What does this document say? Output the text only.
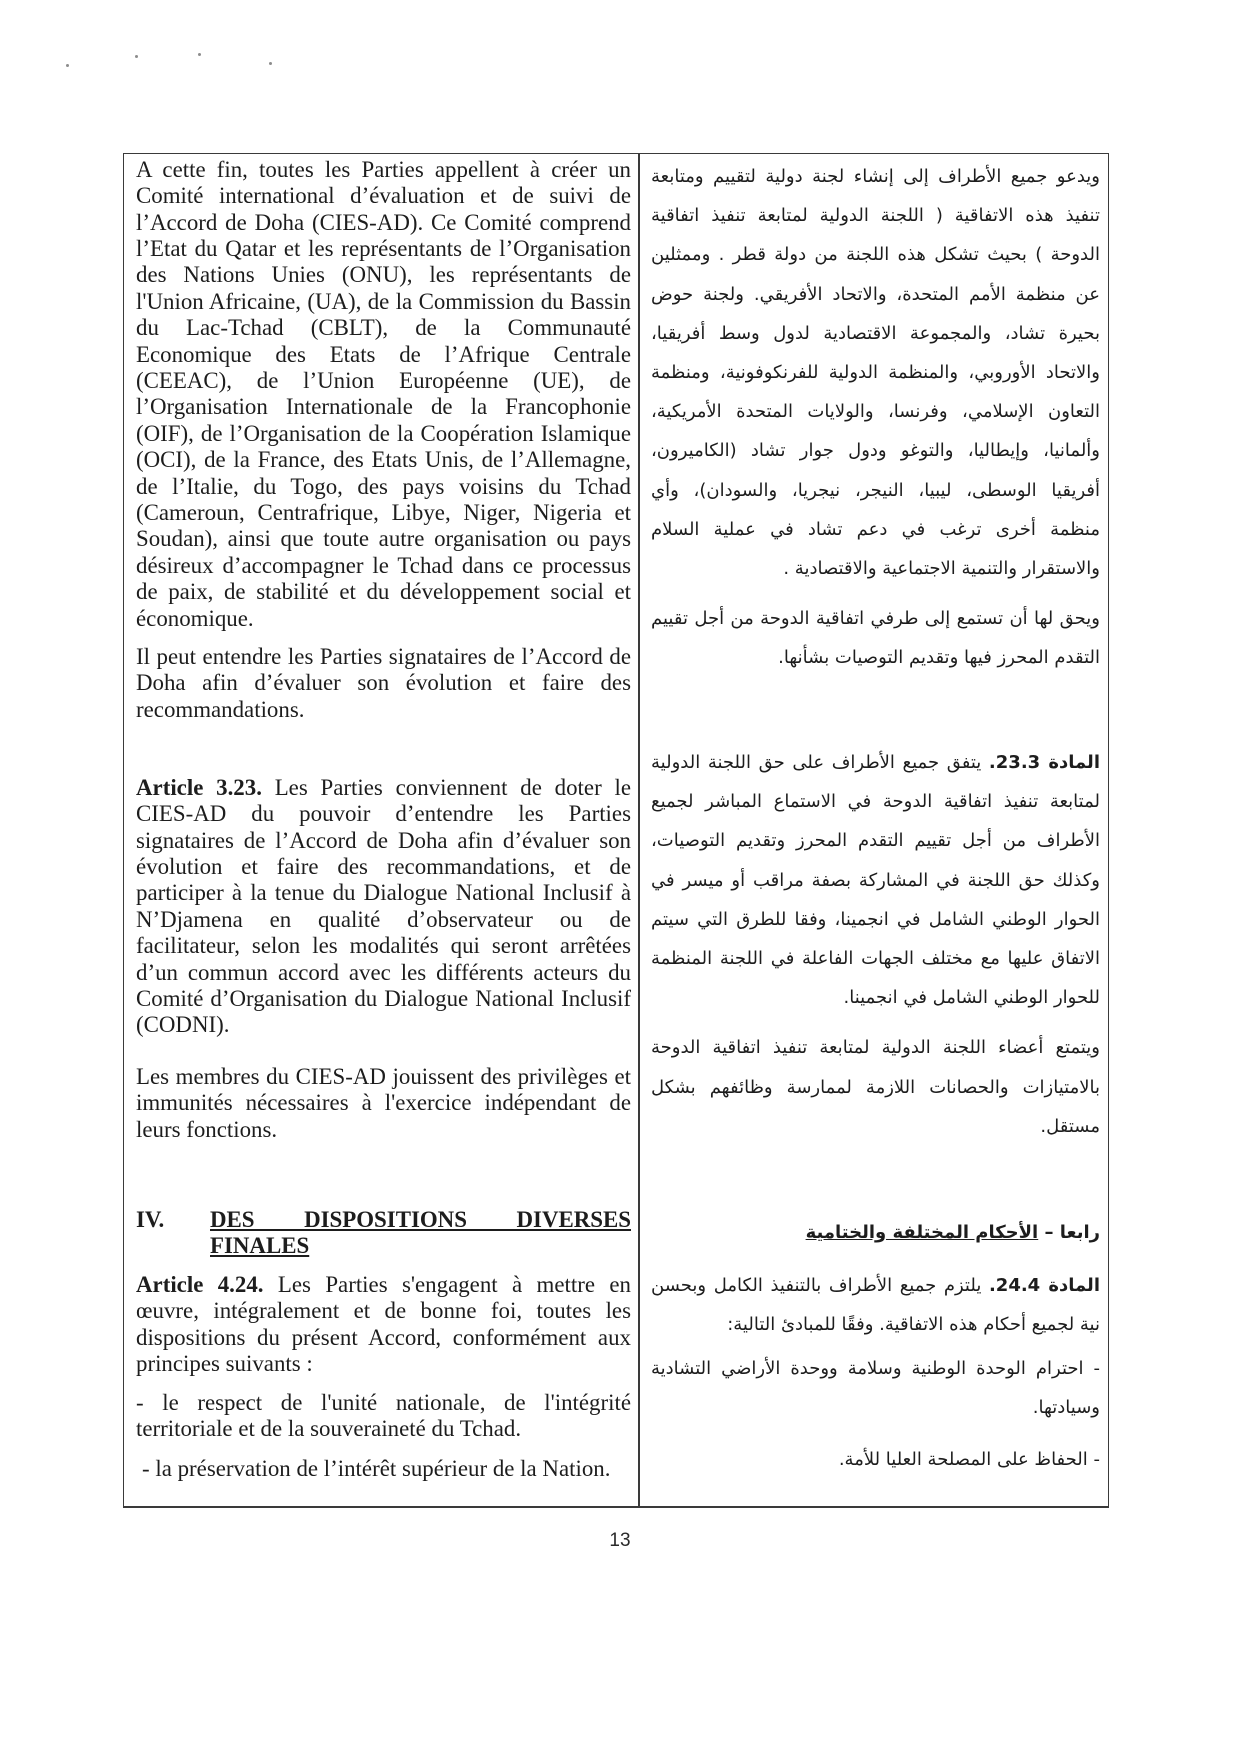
A cette fin, toutes les Parties appellent à créer un Comité international d’évaluation et de suivi de l’Accord de Doha (CIES-AD). Ce Comité comprend l’Etat du Qatar et les représentants de l’Organisation des Nations Unies (ONU), les représentants de l'Union Africaine, (UA), de la Commission du Bassin du Lac-Tchad (CBLT), de la Communauté Economique des Etats de l’Afrique Centrale (CEEAC), de l’Union Européenne (UE), de l’Organisation Internationale de la Francophonie (OIF), de l’Organisation de la Coopération Islamique (OCI), de la France, des Etats Unis, de l’Allemagne, de l’Italie, du Togo, des pays voisins du Tchad (Cameroun, Centrafrique, Libye, Niger, Nigeria et Soudan), ainsi que toute autre organisation ou pays désireux d’accompagner le Tchad dans ce processus de paix, de stabilité et du développement social et économique.

Il peut entendre les Parties signataires de l’Accord de Doha afin d’évaluer son évolution et faire des recommandations.

Article 3.23. Les Parties conviennent de doter le CIES-AD du pouvoir d’entendre les Parties signataires de l’Accord de Doha afin d’évaluer son évolution et faire des recommandations, et de participer à la tenue du Dialogue National Inclusif à N’Djamena en qualité d’observateur ou de facilitateur, selon les modalités qui seront arrêtées d’un commun accord avec les différents acteurs du Comité d’Organisation du Dialogue National Inclusif (CODNI).

Les membres du CIES-AD jouissent des privilèges et immunités nécessaires à l'exercice indépendant de leurs fonctions.

IV.	DES DISPOSITIONS DIVERSES FINALES

Article 4.24. Les Parties s'engagent à mettre en œuvre, intégralement et de bonne foi, toutes les dispositions du présent Accord, conformément aux principes suivants :

- le respect de l'unité nationale, de l'intégrité territoriale et de la souveraineté du Tchad.

- la préservation de l’intérêt supérieur de la Nation.

ويدعو جميع الأطراف إلى إنشاء لجنة دولية لتقييم ومتابعة تنفيذ هذه الاتفاقية ( اللجنة الدولية لمتابعة تنفيذ اتفاقية الدوحة ) بحيث تشكل هذه اللجنة من دولة قطر . وممثلين عن منظمة الأمم المتحدة، والاتحاد الأفريقي. ولجنة حوض بحيرة تشاد، والمجموعة الاقتصادية لدول وسط أفريقيا، والاتحاد الأوروبي، والمنظمة الدولية للفرنكوفونية، ومنظمة التعاون الإسلامي، وفرنسا، والولايات المتحدة الأمريكية، وألمانيا، وإيطاليا، والتوغو ودول جوار تشاد (الكاميرون، أفريقيا الوسطى، ليبيا، النيجر، نيجريا، والسودان)، وأي منظمة أخرى ترغب في دعم تشاد في عملية السلام والاستقرار والتنمية الاجتماعية والاقتصادية .

ويحق لها أن تستمع إلى طرفي اتفاقية الدوحة من أجل تقييم التقدم المحرز فيها وتقديم التوصيات بشأنها.

المادة 23.3. يتفق جميع الأطراف على حق اللجنة الدولية لمتابعة تنفيذ اتفاقية الدوحة في الاستماع المباشر لجميع الأطراف من أجل تقييم التقدم المحرز وتقديم التوصيات، وكذلك حق اللجنة في المشاركة بصفة مراقب أو ميسر في الحوار الوطني الشامل في انجمينا، وفقا للطرق التي سيتم الاتفاق عليها مع مختلف الجهات الفاعلة في اللجنة المنظمة للحوار الوطني الشامل في انجمينا.

ويتمتع أعضاء اللجنة الدولية لمتابعة تنفيذ اتفاقية الدوحة بالامتيازات والحصانات اللازمة لممارسة وظائفهم بشكل مستقل.

رابعا – الأحكام المختلفة والختامية

المادة 24.4. يلتزم جميع الأطراف بالتنفيذ الكامل وبحسن نية لجميع أحكام هذه الاتفاقية. وفقًا للمبادئ التالية:

- احترام الوحدة الوطنية وسلامة ووحدة الأراضي التشادية وسيادتها.

- الحفاظ على المصلحة العليا للأمة.

13
